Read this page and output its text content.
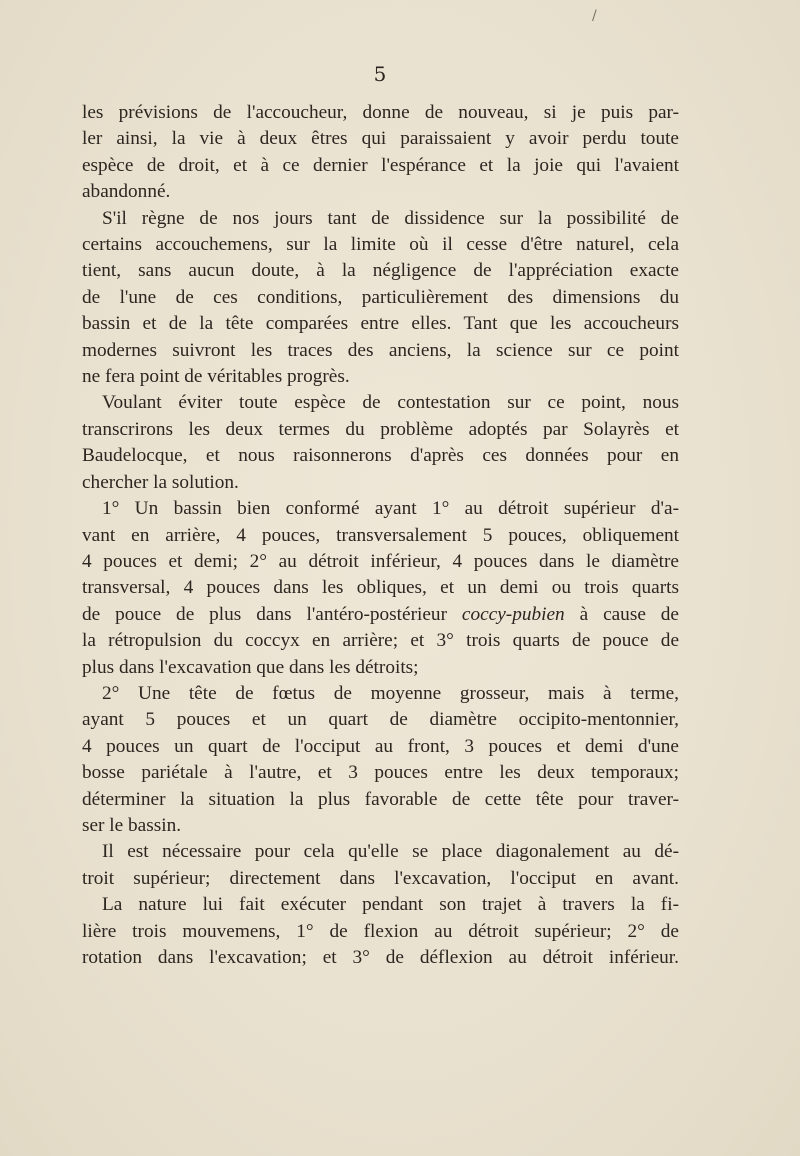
/
5

les prévisions de l'accoucheur, donne de nouveau, si je puis par-

ler ainsi, la vie à deux êtres qui paraissaient y avoir perdu toute

espèce de droit, et à ce dernier l'espérance et la joie qui l'avaient

abandonné.

S'il règne de nos jours tant de dissidence sur la possibilité de

certains accouchemens, sur la limite où il cesse d'être naturel, cela

tient, sans aucun doute, à la négligence de l'appréciation exacte

de l'une de ces conditions, particulièrement des dimensions du

bassin et de la tête comparées entre elles. Tant que les accoucheurs

modernes suivront les traces des anciens, la science sur ce point

ne fera point de véritables progrès.

Voulant éviter toute espèce de contestation sur ce point, nous

transcrirons les deux termes du problème adoptés par Solayrès et

Baudelocque, et nous raisonnerons d'après ces données pour en

chercher la solution.

1° Un bassin bien conformé ayant 1° au détroit supérieur d'a-

vant en arrière, 4 pouces, transversalement 5 pouces, obliquement

4 pouces et demi; 2° au détroit inférieur, 4 pouces dans le diamètre

transversal, 4 pouces dans les obliques, et un demi ou trois quarts

de pouce de plus dans l'antéro-postérieur coccy-pubien à cause de

la rétropulsion du coccyx en arrière; et 3° trois quarts de pouce de

plus dans l'excavation que dans les détroits;

2° Une tête de fœtus de moyenne grosseur, mais à terme,

ayant 5 pouces et un quart de diamètre occipito-mentonnier,

4 pouces un quart de l'occiput au front, 3 pouces et demi d'une

bosse pariétale à l'autre, et 3 pouces entre les deux temporaux;

déterminer la situation la plus favorable de cette tête pour traver-

ser le bassin.

Il est nécessaire pour cela qu'elle se place diagonalement au dé-

troit supérieur; directement dans l'excavation, l'occiput en avant.

La nature lui fait exécuter pendant son trajet à travers la fi-

lière trois mouvemens, 1° de flexion au détroit supérieur; 2° de

rotation dans l'excavation; et 3° de déflexion au détroit inférieur.
